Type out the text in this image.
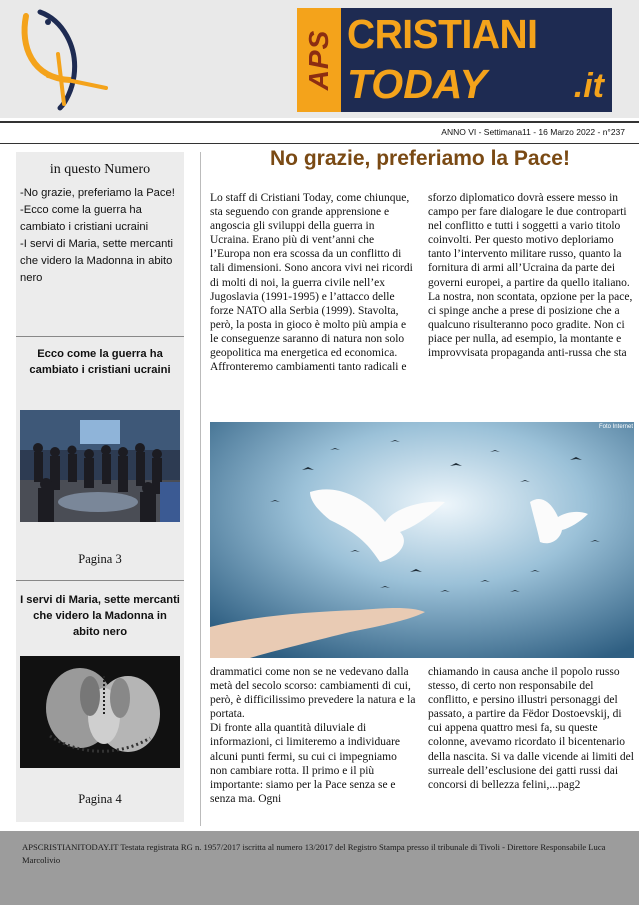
APS CRISTIANI
TODAY	.it
ANNO VI - Settimana11 - 16 Marzo 2022 - n°237
in questo Numero
-No grazie, preferiamo la Pace!
-Ecco come la guerra ha cambiato i cristiani ucraini
-I servi di Maria, sette mercanti che videro la Madonna in abito nero
Ecco come la guerra ha cambiato i cristiani ucraini
Pagina 3
I servi di Maria, sette mercanti che videro la Madonna in abito nero
Pagina 4
No grazie, preferiamo la Pace!

Lo staff di Cristiani Today, come chiunque, sta seguendo con grande apprensione e angoscia gli sviluppi della guerra in Ucraina. Erano più di vent’anni che l’Europa non era scossa da un conflitto di tali dimensioni. Sono ancora vivi nei ricordi di molti di noi, la guerra civile nell’ex Jugoslavia (1991-1995) e l’attacco delle forze NATO alla Serbia (1999). Stavolta, però, la posta in gioco è molto più ampia e le conseguenze saranno di natura non solo geopolitica ma energetica ed economica. Affronteremo cambiamenti tanto radicali e

sforzo diplomatico dovrà essere messo in campo per fare dialogare le due controparti nel conflitto e tutti i soggetti a vario titolo coinvolti. Per questo motivo deploriamo tanto l’intervento militare russo, quanto la fornitura di armi all’Ucraina da parte dei governi europei, a partire da quello italiano.

La nostra, non scontata, opzione per la pace, ci spinge anche a prese di posizione che a qualcuno risulteranno poco gradite. Non ci piace per nulla, ad esempio, la montante e improvvisata propaganda anti-russa che sta

Foto Internet

drammatici come non se ne vedevano dalla metà del secolo scorso: cambiamenti di cui, però, è difficilissimo prevedere la natura e la portata.

Di fronte alla quantità diluviale di informazioni, ci limiteremo a individuare alcuni punti fermi, su cui ci impegniamo non cambiare rotta. Il primo e il più importante: siamo per la Pace senza se e senza ma. Ogni

chiamando in causa anche il popolo russo stesso, di certo non responsabile del conflitto, e persino illustri personaggi del passato, a partire da Fëdor Dostoevskij, di cui appena quattro mesi fa, su queste colonne, avevamo ricordato il bicentenario della nascita. Si va dalle vicende ai limiti del surreale dell’esclusione dei gatti russi dai concorsi di bellezza felini,...pag2

APSCRISTIANITODAY.IT Testata registrata RG n. 1957/2017 iscritta al numero 13/2017 del Registro Stampa presso il tribunale di Tivoli - Direttore Responsabile Luca Marcolivio
